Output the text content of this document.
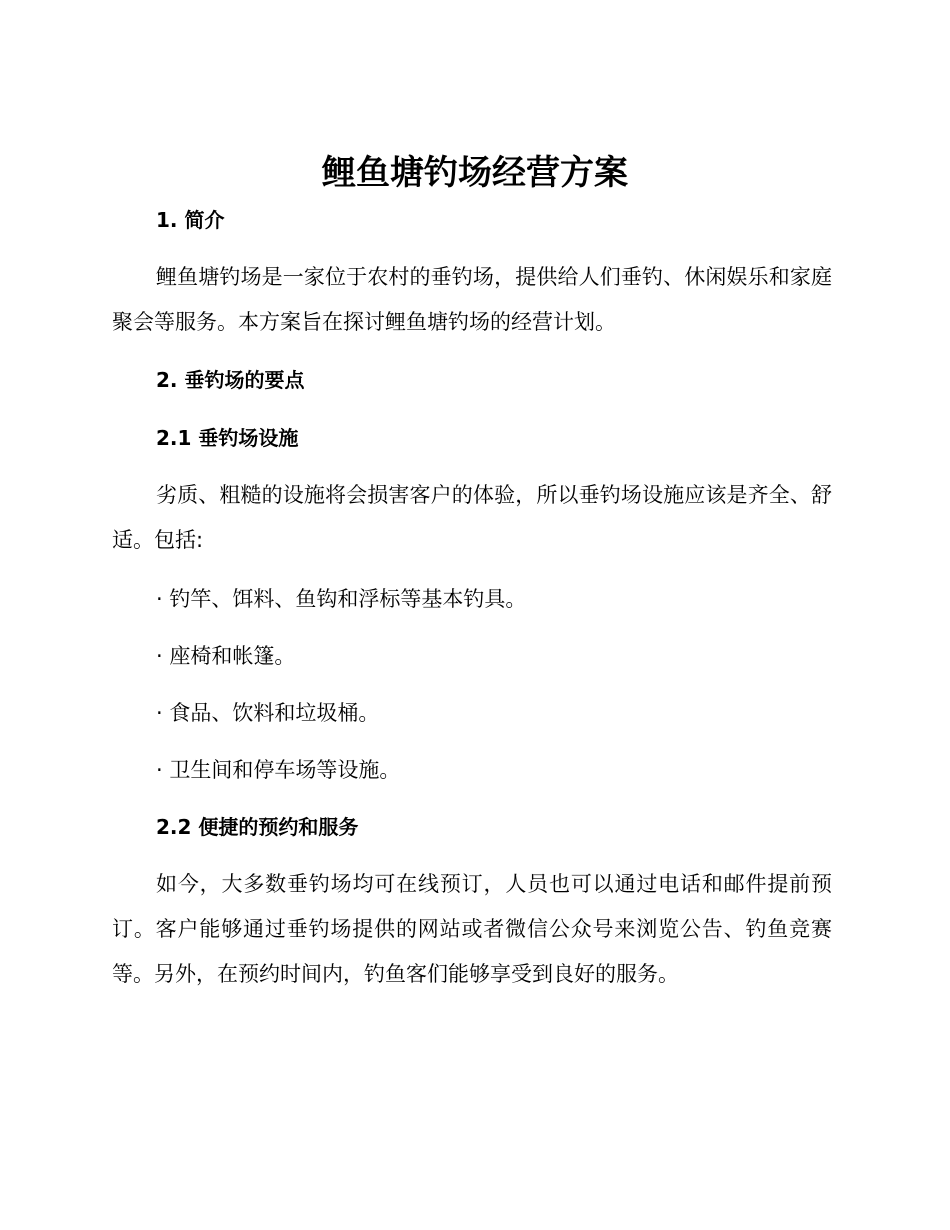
鲤鱼塘钓场经营方案
1. 简介

鲤鱼塘钓场是一家位于农村的垂钓场，提供给人们垂钓、休闲娱乐和家庭聚会等服务。本方案旨在探讨鲤鱼塘钓场的经营计划。

2. 垂钓场的要点
2.1 垂钓场设施

劣质、粗糙的设施将会损害客户的体验，所以垂钓场设施应该是齐全、舒适。包括:

· 钓竿、饵料、鱼钩和浮标等基本钓具。

· 座椅和帐篷。

· 食品、饮料和垃圾桶。

· 卫生间和停车场等设施。

2.2 便捷的预约和服务

如今，大多数垂钓场均可在线预订，人员也可以通过电话和邮件提前预订。客户能够通过垂钓场提供的网站或者微信公众号来浏览公告、钓鱼竞赛等。另外，在预约时间内，钓鱼客们能够享受到良好的服务。
